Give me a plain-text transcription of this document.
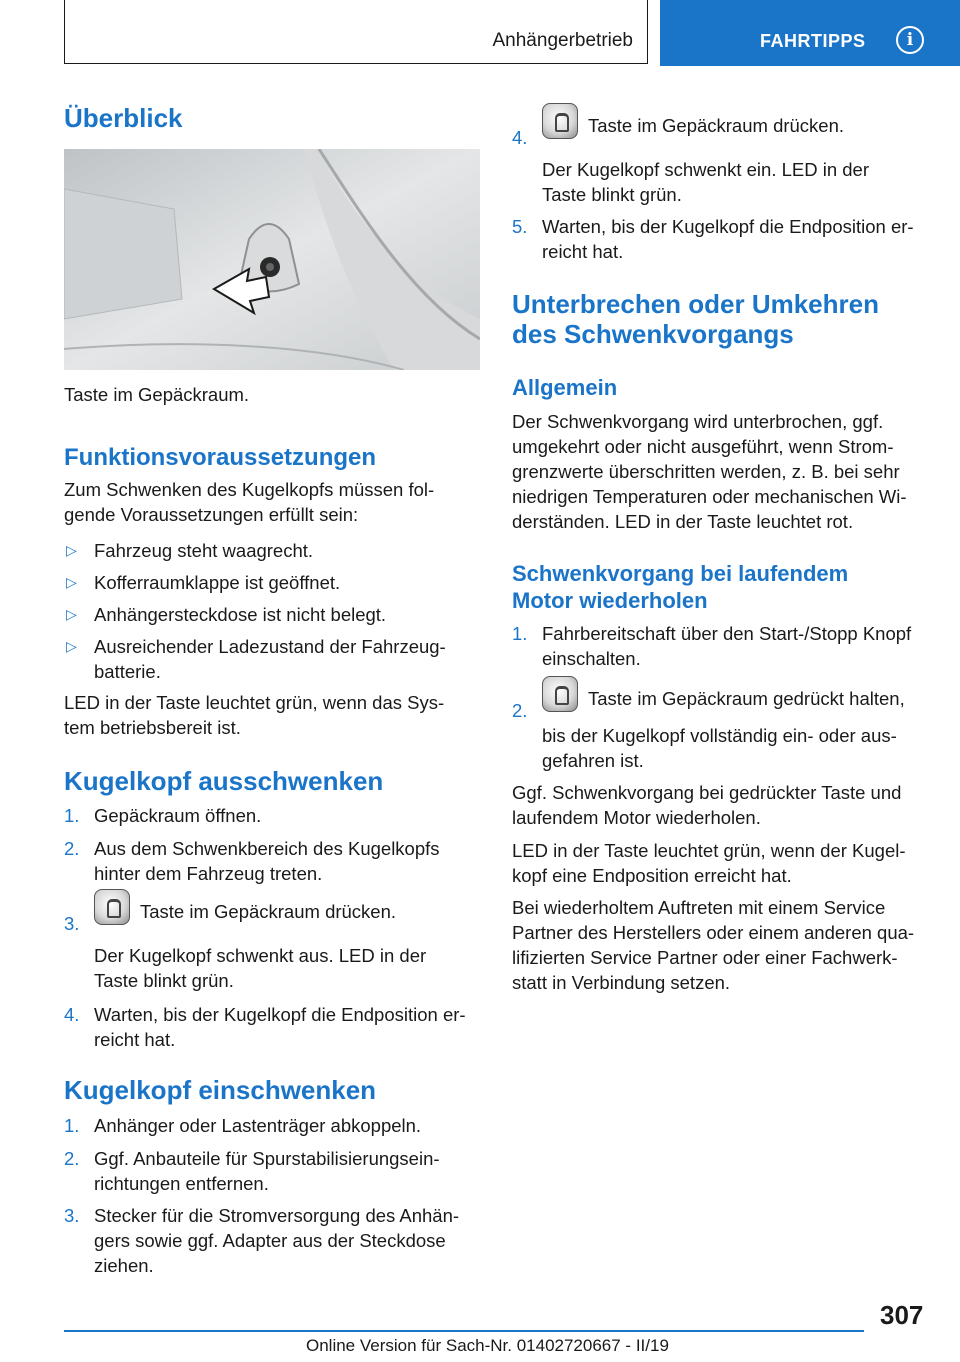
Anhängerbetrieb	FAHRTIPPS	i
Überblick
Taste im Gepäckraum.
Funktionsvoraussetzungen
Zum Schwenken des Kugelkopfs müssen fol-
gende Voraussetzungen erfüllt sein:
▷ Fahrzeug steht waagrecht.
▷ Kofferraumklappe ist geöffnet.
▷ Anhängersteckdose ist nicht belegt.
▷ Ausreichender Ladezustand der Fahrzeug-
batterie.
LED in der Taste leuchtet grün, wenn das Sys-
tem betriebsbereit ist.
Kugelkopf ausschwenken
1. Gepäckraum öffnen.
2. Aus dem Schwenkbereich des Kugelkopfs
hinter dem Fahrzeug treten.
3.
Taste im Gepäckraum drücken.
Der Kugelkopf schwenkt aus. LED in der
Taste blinkt grün.
4. Warten, bis der Kugelkopf die Endposition er-
reicht hat.
Kugelkopf einschwenken
1. Anhänger oder Lastenträger abkoppeln.
2. Ggf. Anbauteile für Spurstabilisierungsein-
richtungen entfernen.
3. Stecker für die Stromversorgung des Anhän-
gers sowie ggf. Adapter aus der Steckdose
ziehen.
4.
Taste im Gepäckraum drücken.
Der Kugelkopf schwenkt ein. LED in der
Taste blinkt grün.
5. Warten, bis der Kugelkopf die Endposition er-
reicht hat.
Unterbrechen oder Umkehren
des Schwenkvorgangs
Allgemein
Der Schwenkvorgang wird unterbrochen, ggf.
umgekehrt oder nicht ausgeführt, wenn Strom-
grenzwerte überschritten werden, z. B. bei sehr
niedrigen Temperaturen oder mechanischen Wi-
derständen. LED in der Taste leuchtet rot.
Schwenkvorgang bei laufendem
Motor wiederholen
1. Fahrbereitschaft über den Start-/Stopp Knopf
einschalten.
2.
Taste im Gepäckraum gedrückt halten,
bis der Kugelkopf vollständig ein- oder aus-
gefahren ist.
Ggf. Schwenkvorgang bei gedrückter Taste und
laufendem Motor wiederholen.
LED in der Taste leuchtet grün, wenn der Kugel-
kopf eine Endposition erreicht hat.
Bei wiederholtem Auftreten mit einem Service
Partner des Herstellers oder einem anderen qua-
lifizierten Service Partner oder einer Fachwerk-
statt in Verbindung setzen.
307
Online Version für Sach-Nr. 01402720667 - II/19
